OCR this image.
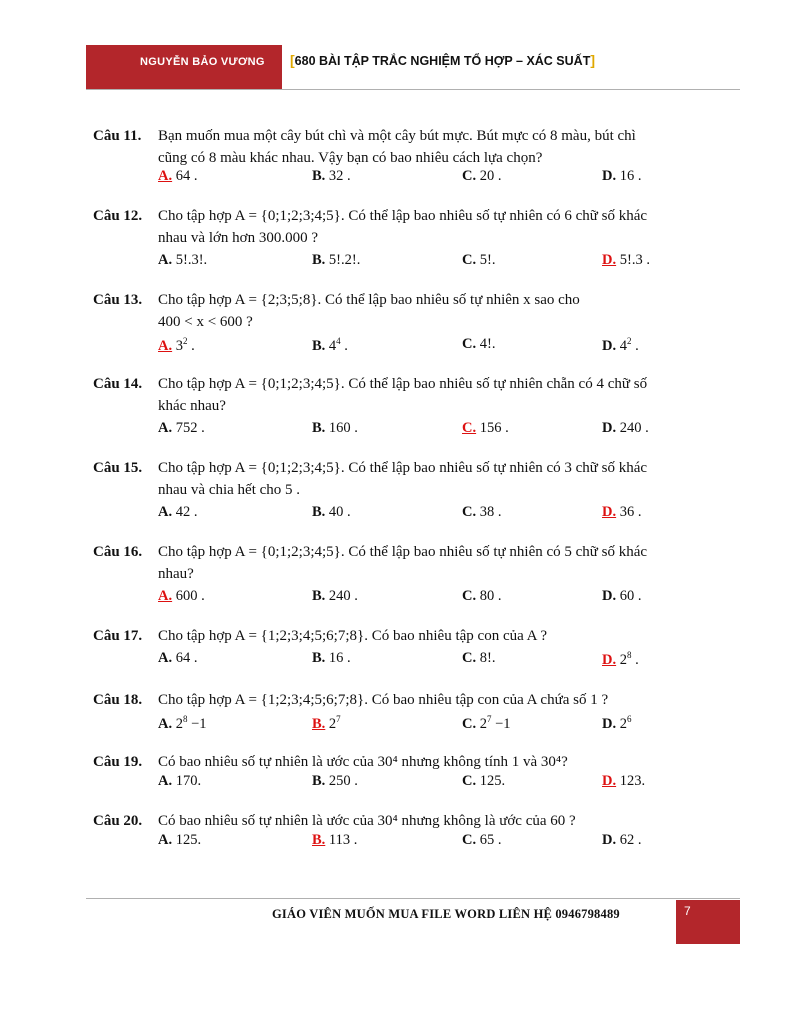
NGUYỄN BẢO VƯƠNG [680 BÀI TẬP TRẮC NGHIỆM TỔ HỢP – XÁC SUẤT]
Câu 11. Bạn muốn mua một cây bút chì và một cây bút mực. Bút mực có 8 màu, bút chì
cũng có 8 màu khác nhau. Vậy bạn có bao nhiêu cách lựa chọn?
A. 64 .	B. 32 .	C. 20 .	D. 16 .
Câu 12. Cho tập hợp A = {0;1;2;3;4;5}. Có thể lập bao nhiêu số tự nhiên có 6 chữ số khác
nhau và lớn hơn 300.000 ?
A. 5!.3!.	B. 5!.2!.	C. 5!.	D. 5!.3 .
Câu 13. Cho tập hợp A = {2;3;5;8}. Có thể lập bao nhiêu số tự nhiên x sao cho
400 < x < 600 ?
A. $3^2$ .	B. $4^4$ .	C. 4!.	D. $4^2$ .
Câu 14. Cho tập hợp A = {0;1;2;3;4;5}. Có thể lập bao nhiêu số tự nhiên chẵn có 4 chữ số
khác nhau?
A. 752 .	B. 160 .	C. 156 .	D. 240 .
Câu 15. Cho tập hợp A = {0;1;2;3;4;5}. Có thể lập bao nhiêu số tự nhiên có 3 chữ số khác
nhau và chia hết cho 5 .
A. 42 .	B. 40 .	C. 38 .	D. 36 .
Câu 16. Cho tập hợp A = {0;1;2;3;4;5}. Có thể lập bao nhiêu số tự nhiên có 5 chữ số khác
nhau?
A. 600 .	B. 240 .	C. 80 .	D. 60 .
Câu 17. Cho tập hợp A = {1;2;3;4;5;6;7;8}. Có bao nhiêu tập con của A ?
A. 64 .	B. 16 .	C. 8!.	D. $2^8$ .
Câu 18. Cho tập hợp A = {1;2;3;4;5;6;7;8}. Có bao nhiêu tập con của A chứa số 1 ?
A. $2^8 -1$	B. $2^7$	C. $2^7 -1$	D. $2^6$
Câu 19. Có bao nhiêu số tự nhiên là ước của 30⁴ nhưng không tính 1 và 30⁴?
A. 170.	B. 250 .	C. 125.	D. 123.
Câu 20. Có bao nhiêu số tự nhiên là ước của 30⁴ nhưng không là ước của 60 ?
A. 125.	B. 113 .	C. 65 .	D. 62 .
GIÁO VIÊN MUỐN MUA FILE WORD LIÊN HỆ 0946798489	7
